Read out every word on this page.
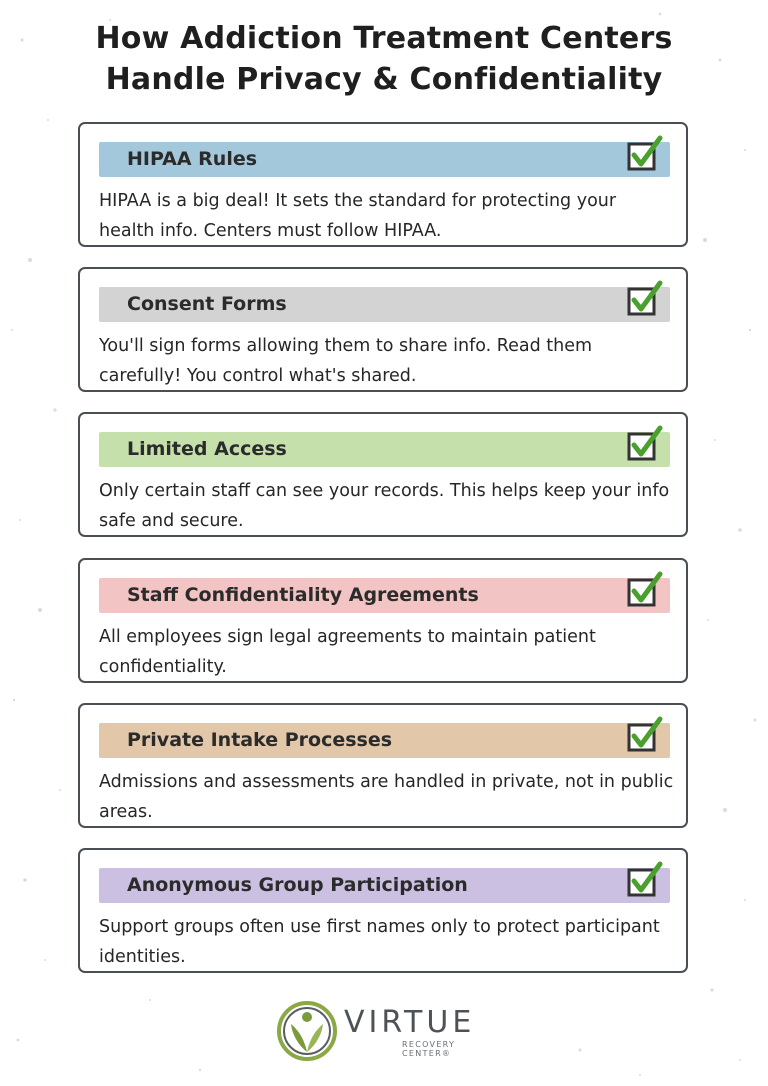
How Addiction Treatment Centers
Handle Privacy & Confidentiality
HIPAA Rules
HIPAA is a big deal! It sets the standard for protecting your health info. Centers must follow HIPAA.
Consent Forms
You'll sign forms allowing them to share info. Read them carefully! You control what's shared.
Limited Access
Only certain staff can see your records. This helps keep your info safe and secure.
Staff Confidentiality Agreements
All employees sign legal agreements to maintain patient confidentiality.
Private Intake Processes
Admissions and assessments are handled in private, not in public areas.
Anonymous Group Participation
Support groups often use first names only to protect participant identities.
VIRTUE
RECOVERY CENTER®
